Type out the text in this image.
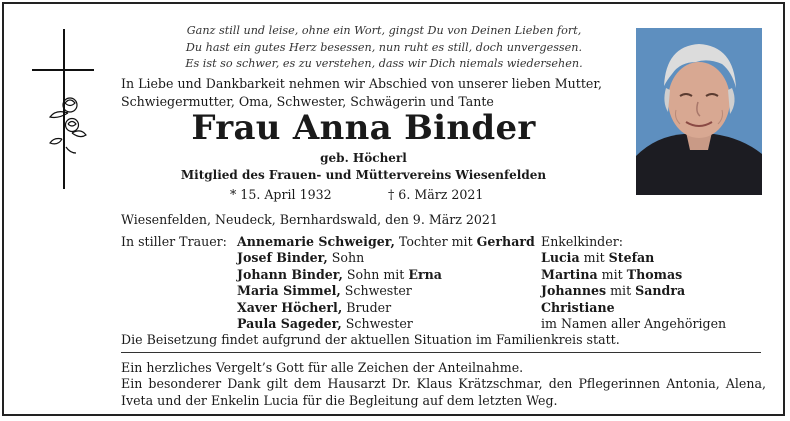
Ganz still und leise, ohne ein Wort, gingst Du von Deinen Lieben fort,
Du hast ein gutes Herz besessen, nun ruht es still, doch unvergessen.
Es ist so schwer, es zu verstehen, dass wir Dich niemals wiedersehen.
In Liebe und Dankbarkeit nehmen wir Abschied von unserer lieben Mutter,
Schwiegermutter, Oma, Schwester, Schwägerin und Tante
Frau Anna Binder
geb. Höcherl
Mitglied des Frauen- und Müttervereins Wiesenfelden
* 15. April 1932	† 6. März 2021
Wiesenfelden, Neudeck, Bernhardswald, den 9. März 2021
In stiller Trauer: Annemarie Schweiger, Tochter mit Gerhard
Josef Binder, Sohn
Johann Binder, Sohn mit Erna
Maria Simmel, Schwester
Xaver Höcherl, Bruder
Paula Sageder, Schwester
Enkelkinder:
Lucia mit Stefan
Martina mit Thomas
Johannes mit Sandra
Christiane
im Namen aller Angehörigen
Die Beisetzung findet aufgrund der aktuellen Situation im Familienkreis statt.
Ein herzliches Vergelt’s Gott für alle Zeichen der Anteilnahme.
Ein besonderer Dank gilt dem Hausarzt Dr. Klaus Krätzschmar, den Pflegerinnen Antonia, Alena, Iveta und der Enkelin Lucia für die Begleitung auf dem letzten Weg.
